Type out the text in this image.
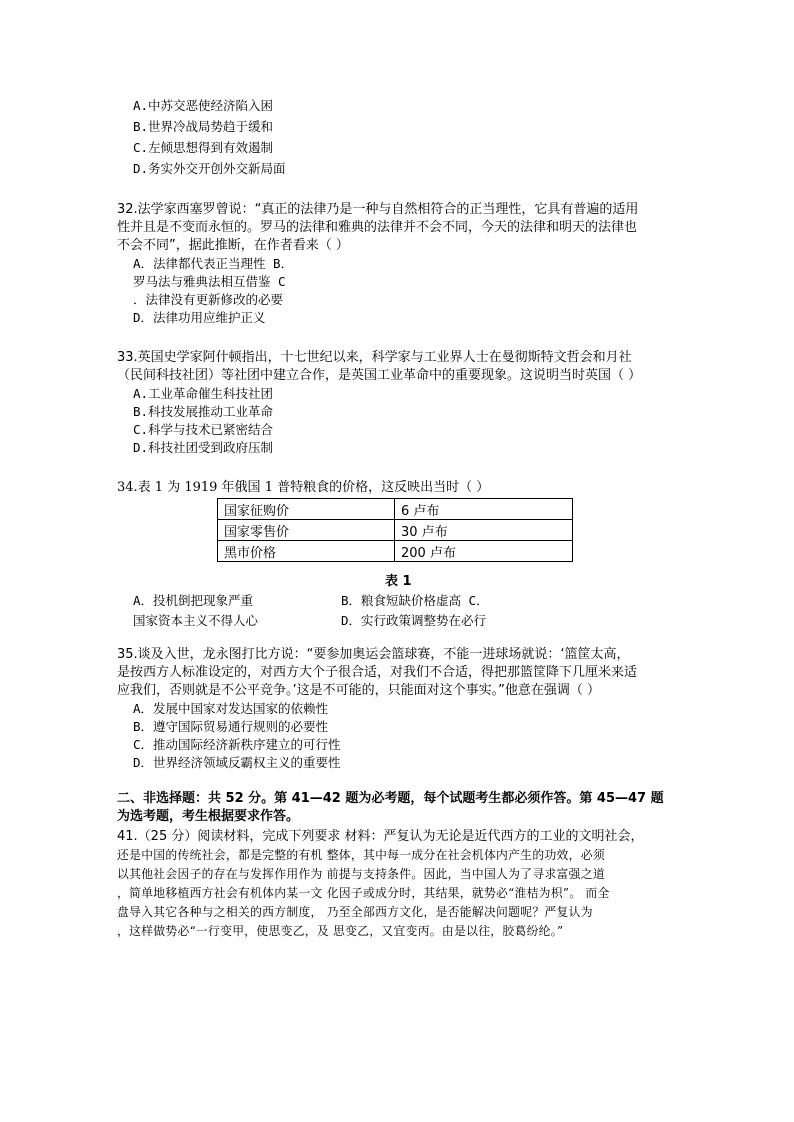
A.中苏交恶使经济陷入困
B.世界冷战局势趋于缓和
C.左倾思想得到有效遏制
D.务实外交开创外交新局面
32.法学家西塞罗曾说：“真正的法律乃是一种与自然相符合的正当理性，它具有普遍的适用
性并且是不变而永恒的。罗马的法律和雅典的法律并不会不同，今天的法律和明天的法律也
不会不同”，据此推断，在作者看来（ ）
A．法律都代表正当理性 B．
罗马法与雅典法相互借鉴 C
．法律没有更新修改的必要
D．法律功用应维护正义
33.英国史学家阿什顿指出，十七世纪以来，科学家与工业界人士在曼彻斯特文哲会和月社
（民间科技社团）等社团中建立合作，是英国工业革命中的重要现象。这说明当时英国（ ）
A.工业革命催生科技社团
B.科技发展推动工业革命
C.科学与技术已紧密结合
D.科技社团受到政府压制
34.表 1 为 1919 年俄国 1 普特粮食的价格，这反映出当时（ ）
国家征购价	6 卢布
国家零售价	30 卢布
黑市价格	200 卢布
表 1
A．投机倒把现象严重	B．粮食短缺价格虚高 C．
国家资本主义不得人心	D．实行政策调整势在必行
35.谈及入世，龙永图打比方说：“要参加奥运会篮球赛，不能一进球场就说：‘篮筐太高，
是按西方人标准设定的，对西方大个子很合适，对我们不合适，得把那篮筐降下几厘米来适
应我们，否则就是不公平竞争。’这是不可能的，只能面对这个事实。”他意在强调（ ）
A．发展中国家对发达国家的依赖性
B．遵守国际贸易通行规则的必要性
C．推动国际经济新秩序建立的可行性
D．世界经济领域反霸权主义的重要性
二、非选择题：共 52 分。第 41—42 题为必考题，每个试题考生都必须作答。第 45—47 题
为选考题，考生根据要求作答。
41.（25 分）阅读材料，完成下列要求 材料：严复认为无论是近代西方的工业的文明社会，
还是中国的传统社会，都是完整的有机 整体，其中每一成分在社会机体内产生的功效，必须
以其他社会因子的存在与发挥作用作为 前提与支持条件。因此，当中国人为了寻求富强之道
，简单地移植西方社会有机体内某一文 化因子或成分时，其结果，就势必“淮桔为枳”。 而全
盘导入其它各种与之相关的西方制度， 乃至全部西方文化，是否能解决问题呢？严复认为
，这样做势必“一行变甲，使思变乙，及 思变乙，又宜变丙。由是以往，胶葛纷纶。”
